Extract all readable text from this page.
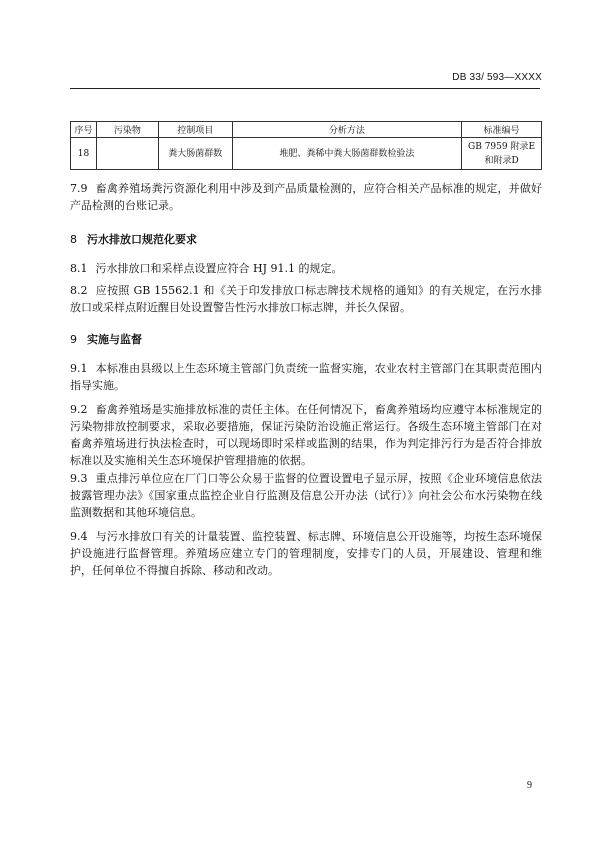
DB 33/ 593—XXXX
序号	污染物	控制项目	分析方法	标准编号
18		粪大肠菌群数	堆肥、粪稀中粪大肠菌群数检验法	GB 7959 附录E
和附录D

7.9 畜禽养殖场粪污资源化利用中涉及到产品质量检测的，应符合相关产品标准的规定，并做好产品检测的台账记录。

8 污水排放口规范化要求

8.1 污水排放口和采样点设置应符合 HJ 91.1 的规定。

8.2 应按照 GB 15562.1 和《关于印发排放口标志牌技术规格的通知》的有关规定，在污水排放口或采样点附近醒目处设置警告性污水排放口标志牌，并长久保留。

9 实施与监督

9.1 本标准由县级以上生态环境主管部门负责统一监督实施，农业农村主管部门在其职责范围内指导实施。

9.2 畜禽养殖场是实施排放标准的责任主体。在任何情况下，畜禽养殖场均应遵守本标准规定的污染物排放控制要求，采取必要措施，保证污染防治设施正常运行。各级生态环境主管部门在对畜禽养殖场进行执法检查时，可以现场即时采样或监测的结果，作为判定排污行为是否符合排放标准以及实施相关生态环境保护管理措施的依据。

9.3 重点排污单位应在厂门口等公众易于监督的位置设置电子显示屏，按照《企业环境信息依法披露管理办法》《国家重点监控企业自行监测及信息公开办法（试行）》向社会公布水污染物在线监测数据和其他环境信息。

9.4 与污水排放口有关的计量装置、监控装置、标志牌、环境信息公开设施等，均按生态环境保护设施进行监督管理。养殖场应建立专门的管理制度，安排专门的人员，开展建设、管理和维护，任何单位不得擅自拆除、移动和改动。

9
